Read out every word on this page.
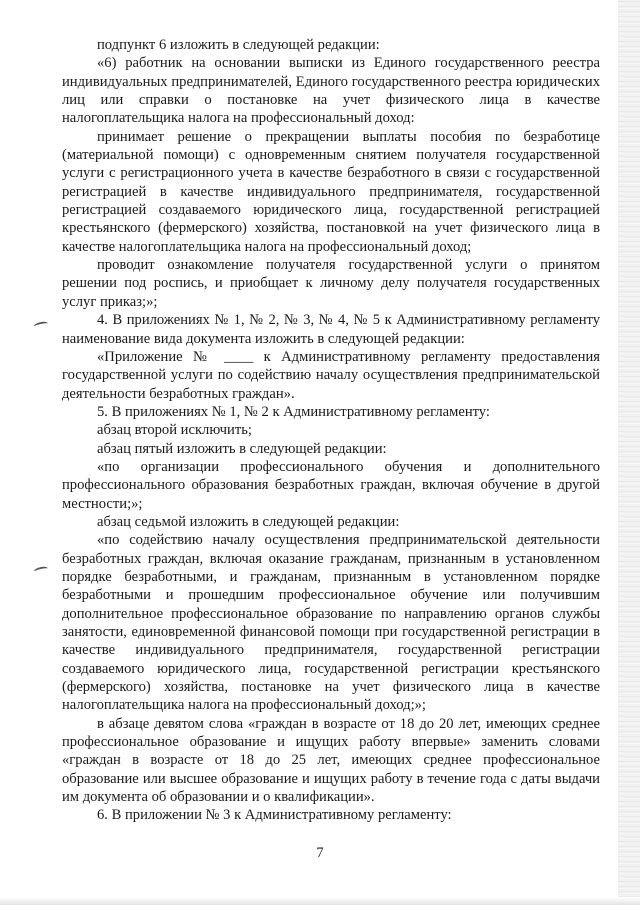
подпункт 6 изложить в следующей редакции:

«6) работник на основании выписки из Единого государственного реестра индивидуальных предпринимателей, Единого государственного реестра юридических лиц или справки о постановке на учет физического лица в качестве налогоплательщика налога на профессиональный доход:

принимает решение о прекращении выплаты пособия по безработице (материальной помощи) с одновременным снятием получателя государственной услуги с регистрационного учета в качестве безработного в связи с государственной регистрацией в качестве индивидуального предпринимателя, государственной регистрацией создаваемого юридического лица, государственной регистрацией крестьянского (фермерского) хозяйства, постановкой на учет физического лица в качестве налогоплательщика налога на профессиональный доход;

проводит ознакомление получателя государственной услуги о принятом решении под роспись, и приобщает к личному делу получателя государственных услуг приказ;»;

4. В приложениях № 1, № 2, № 3, № 4, № 5 к Административному регламенту наименование вида документа изложить в следующей редакции:

«Приложение № ____ к Административному регламенту предоставления государственной услуги по содействию началу осуществления предпринимательской деятельности безработных граждан».

5. В приложениях № 1, № 2 к Административному регламенту:

абзац второй исключить;

абзац пятый изложить в следующей редакции:

«по организации профессионального обучения и дополнительного профессионального образования безработных граждан, включая обучение в другой местности;»;

абзац седьмой изложить в следующей редакции:

«по содействию началу осуществления предпринимательской деятельности безработных граждан, включая оказание гражданам, признанным в установленном порядке безработными, и гражданам, признанным в установленном порядке безработными и прошедшим профессиональное обучение или получившим дополнительное профессиональное образование по направлению органов службы занятости, единовременной финансовой помощи при государственной регистрации в качестве индивидуального предпринимателя, государственной регистрации создаваемого юридического лица, государственной регистрации крестьянского (фермерского) хозяйства, постановке на учет физического лица в качестве налогоплательщика налога на профессиональный доход;»;

в абзаце девятом слова «граждан в возрасте от 18 до 20 лет, имеющих среднее профессиональное образование и ищущих работу впервые» заменить словами «граждан в возрасте от 18 до 25 лет, имеющих среднее профессиональное образование или высшее образование и ищущих работу в течение года с даты выдачи им документа об образовании и о квалификации».

6. В приложении № 3 к Административному регламенту:

7
